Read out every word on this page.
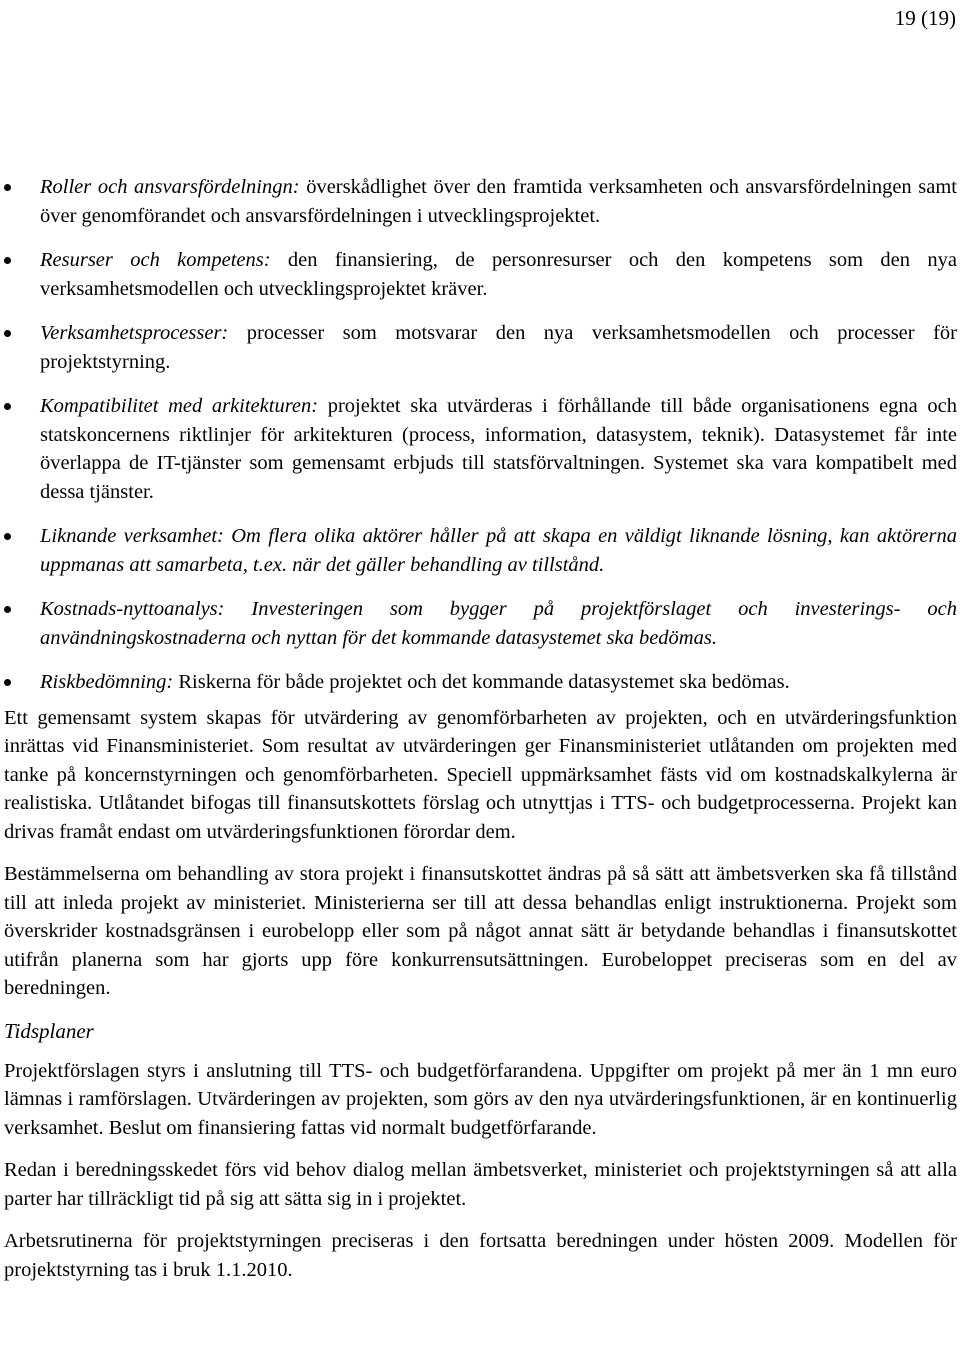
19 (19)
Roller och ansvarsfördelningn: överskådlighet över den framtida verksamheten och ansvarsfördelningen samt över genomförandet och ansvarsfördelningen i utvecklingsprojektet.
Resurser och kompetens: den finansiering, de personresurser och den kompetens som den nya verksamhetsmodellen och utvecklingsprojektet kräver.
Verksamhetsprocesser: processer som motsvarar den nya verksamhetsmodellen och processer för projektstyrning.
Kompatibilitet med arkitekturen: projektet ska utvärderas i förhållande till både organisationens egna och statskoncernens riktlinjer för arkitekturen (process, information, datasystem, teknik). Datasystemet får inte överlappa de IT-tjänster som gemensamt erbjuds till statsförvaltningen. Systemet ska vara kompatibelt med dessa tjänster.
Liknande verksamhet: Om flera olika aktörer håller på att skapa en väldigt liknande lösning, kan aktörerna uppmanas att samarbeta, t.ex. när det gäller behandling av tillstånd.
Kostnads-nyttoanalys: Investeringen som bygger på projektförslaget och investerings- och användningskostnaderna och nyttan för det kommande datasystemet ska bedömas.
Riskbedömning: Riskerna för både projektet och det kommande datasystemet ska bedömas.

Ett gemensamt system skapas för utvärdering av genomförbarheten av projekten, och en utvärderingsfunktion inrättas vid Finansministeriet. Som resultat av utvärderingen ger Finansministeriet utlåtanden om projekten med tanke på koncernstyrningen och genomförbarheten. Speciell uppmärksamhet fästs vid om kostnadskalkylerna är realistiska. Utlåtandet bifogas till finansutskottets förslag och utnyttjas i TTS- och budgetprocesserna. Projekt kan drivas framåt endast om utvärderingsfunktionen förordar dem.

Bestämmelserna om behandling av stora projekt i finansutskottet ändras på så sätt att ämbetsverken ska få tillstånd till att inleda projekt av ministeriet. Ministerierna ser till att dessa behandlas enligt instruktionerna. Projekt som överskrider kostnadsgränsen i eurobelopp eller som på något annat sätt är betydande behandlas i finansutskottet utifrån planerna som har gjorts upp före konkurrensutsättningen. Eurobeloppet preciseras som en del av beredningen.

Tidsplaner

Projektförslagen styrs i anslutning till TTS- och budgetförfarandena. Uppgifter om projekt på mer än 1 mn euro lämnas i ramförslagen. Utvärderingen av projekten, som görs av den nya utvärderingsfunktionen, är en kontinuerlig verksamhet. Beslut om finansiering fattas vid normalt budgetförfarande.

Redan i beredningsskedet förs vid behov dialog mellan ämbetsverket, ministeriet och projektstyrningen så att alla parter har tillräckligt tid på sig att sätta sig in i projektet.

Arbetsrutinerna för projektstyrningen preciseras i den fortsatta beredningen under hösten 2009. Modellen för projektstyrning tas i bruk 1.1.2010.
